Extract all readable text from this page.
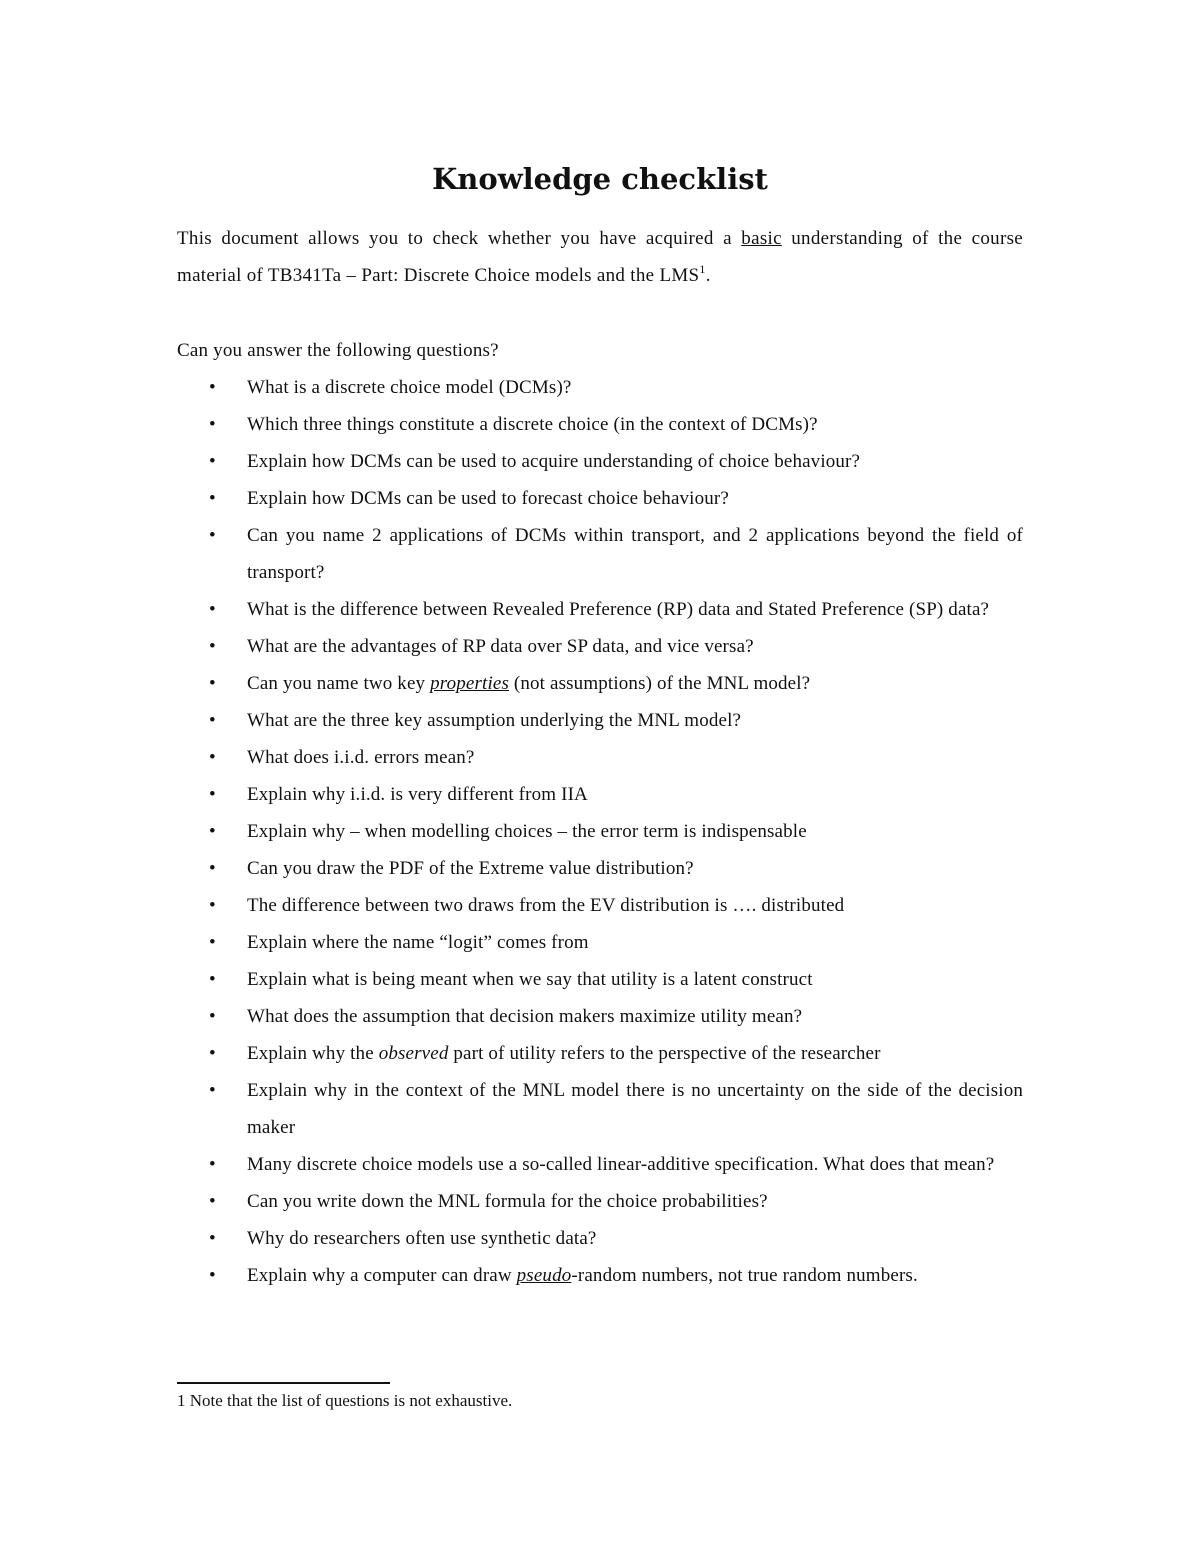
Knowledge checklist

This document allows you to check whether you have acquired a basic understanding of the course material of TB341Ta – Part: Discrete Choice models and the LMS$^1$.

Can you answer the following questions?

• What is a discrete choice model (DCMs)?
• Which three things constitute a discrete choice (in the context of DCMs)?
• Explain how DCMs can be used to acquire understanding of choice behaviour?
• Explain how DCMs can be used to forecast choice behaviour?
• Can you name 2 applications of DCMs within transport, and 2 applications beyond the field of transport?
• What is the difference between Revealed Preference (RP) data and Stated Preference (SP) data?
• What are the advantages of RP data over SP data, and vice versa?
• Can you name two key properties (not assumptions) of the MNL model?
• What are the three key assumption underlying the MNL model?
• What does i.i.d. errors mean?
• Explain why i.i.d. is very different from IIA
• Explain why – when modelling choices – the error term is indispensable
• Can you draw the PDF of the Extreme value distribution?
• The difference between two draws from the EV distribution is …. distributed
• Explain where the name “logit” comes from
• Explain what is being meant when we say that utility is a latent construct
• What does the assumption that decision makers maximize utility mean?
• Explain why the observed part of utility refers to the perspective of the researcher
• Explain why in the context of the MNL model there is no uncertainty on the side of the decision maker
• Many discrete choice models use a so-called linear-additive specification. What does that mean?
• Can you write down the MNL formula for the choice probabilities?
• Why do researchers often use synthetic data?
• Explain why a computer can draw pseudo-random numbers, not true random numbers.

1 Note that the list of questions is not exhaustive.
